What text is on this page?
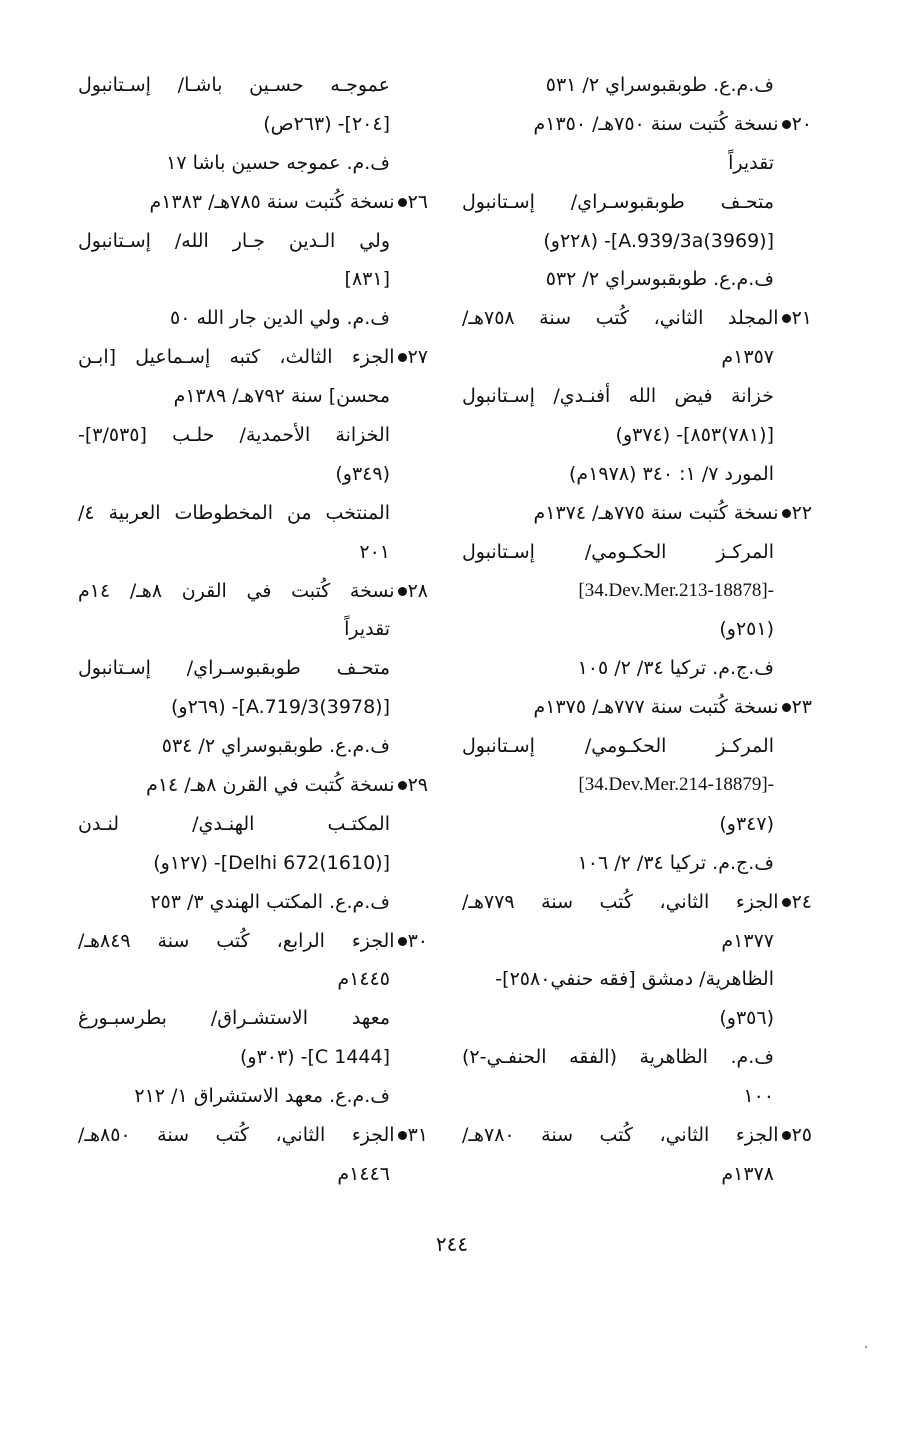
ف.م.ع. طوبقبوسراي ٢/ ٥٣١
٢٠نسخة كُتبت سنة ٧٥٠هـ/ ١٣٥٠م
تقديراً
متحـف طوبقبوسـراي/ إسـتانبول
[A.939/3a(3969)]- (٢٢٨و)
ف.م.ع. طوبقبوسراي ٢/ ٥٣٢
٢١المجلد الثاني، كُتب سنة ٧٥٨هـ/
١٣٥٧م
خزانة فيض الله أفنـدي/ إسـتانبول
[(٧٨١)٨٥٣]- (٣٧٤و)
المورد ٧/ ١: ٣٤٠ (١٩٧٨م)
٢٢نسخة كُتبت سنة ٧٧٥هـ/ ١٣٧٤م
المركـز الحكـومي/ إسـتانبول
[34.Dev.Mer.213-18878]-
(٢٥١و)
ف.ج.م. تركيا ٣٤/ ٢/ ١٠٥
٢٣نسخة كُتبت سنة ٧٧٧هـ/ ١٣٧٥م
المركـز الحكـومي/ إسـتانبول
[34.Dev.Mer.214-18879]-
(٣٤٧و)
ف.ج.م. تركيا ٣٤/ ٢/ ١٠٦
٢٤الجزء الثاني، كُتب سنة ٧٧٩هـ/
١٣٧٧م
الظاهرية/ دمشق [فقه حنفي٢٥٨٠]-
(٣٥٦و)
ف.م. الظاهرية (الفقه الحنفـي-٢)
١٠٠
٢٥الجزء الثاني، كُتب سنة ٧٨٠هـ/
١٣٧٨م
عموجـه حسـين باشـا/ إسـتانبول
[٢٠٤]- (٢٦٣ص)
ف.م. عموجه حسين باشا ١٧
٢٦نسخة كُتبت سنة ٧٨٥هـ/ ١٣٨٣م
ولي الـدين جـار الله/ إسـتانبول
[٨٣١]
ف.م. ولي الدين جار الله ٥٠
٢٧الجزء الثالث، كتبه إسـماعيل [ابـن
محسن] سنة ٧٩٢هـ/ ١٣٨٩م
الخزانة الأحمدية/ حلـب [٣/٥٣٥]-
(٣٤٩و)
المنتخب من المخطوطات العربية ٤/
٢٠١
٢٨نسخة كُتبت في القرن ٨هـ/ ١٤م
تقديراً
متحـف طوبقبوسـراي/ إسـتانبول
[A.719/3(3978)]- (٢٦٩و)
ف.م.ع. طوبقبوسراي ٢/ ٥٣٤
٢٩نسخة كُتبت في القرن ٨هـ/ ١٤م
المكتـب الهنـدي/ لنـدن
[Delhi 672(1610)]- (١٢٧و)
ف.م.ع. المكتب الهندي ٣/ ٢٥٣
٣٠الجزء الرابع، كُتب سنة ٨٤٩هـ/
١٤٤٥م
معهد الاستشـراق/ بطرسبـورغ
[C 1444]- (٣٠٣و)
ف.م.ع. معهد الاستشراق ١/ ٢١٢
٣١الجزء الثاني، كُتب سنة ٨٥٠هـ/
١٤٤٦م
٢٤٤
